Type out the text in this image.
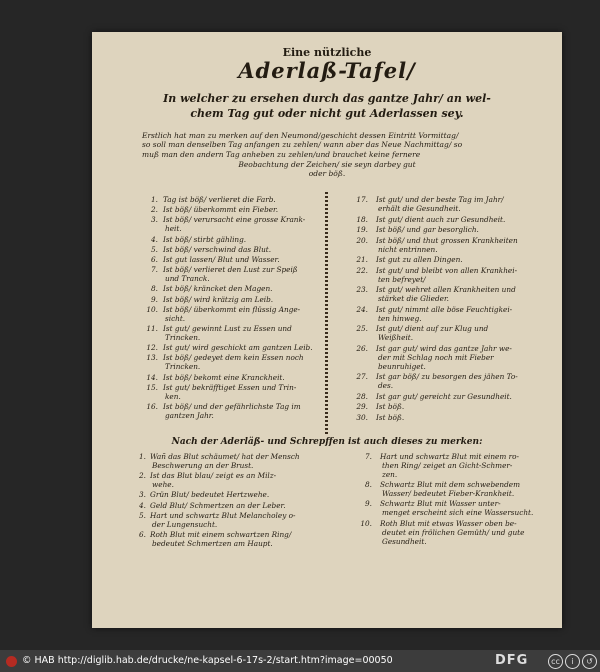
Eine nützliche
Aderlaß-Tafel/
In welcher zu ersehen durch das gantze Jahr/ an wel-
chem Tag gut oder nicht gut Aderlassen sey.
Erstlich hat man zu merken auf den Neumond/geschicht dessen Eintritt Vormittag/
so soll man denselben Tag anfangen zu zehlen/ wann aber das Neue Nachmittag/ so
muß man den andern Tag anheben zu zehlen/und brauchet keine fernere
Beobachtung der Zeichen/ sie seyn darbey gut
oder böß.
1. Tag ist böß/ verlieret die Farb.
2. Ist böß/ überkommt ein Fieber.
3. Ist böß/ verursacht eine grosse Krank-
heit.
4. Ist böß/ stirbt gähling.
5. Ist böß/ verschwind das Blut.
6. Ist gut lassen/ Blut und Wasser.
7. Ist böß/ verlieret den Lust zur Speiß
und Tranck.
8. Ist böß/ kräncket den Magen.
9. Ist böß/ wird krätzig am Leib.
10. Ist böß/ überkommt ein flüssig Ange-
sicht.
11. Ist gut/ gewinnt Lust zu Essen und
Trincken.
12. Ist gut/ wird geschickt am gantzen Leib.
13. Ist böß/ gedeyet dem kein Essen noch
Trincken.
14. Ist böß/ bekomt eine Kranckheit.
15. Ist gut/ bekräfftiget Essen und Trin-
ken.
16. Ist böß/ und der gefährlichste Tag im
gantzen Jahr.
17. Ist gut/ und der beste Tag im Jahr/
erhält die Gesundheit.
18. Ist gut/ dient auch zur Gesundheit.
19. Ist böß/ und gar besorglich.
20. Ist böß/ und thut grossen Krankheiten
nicht entrinnen.
21. Ist gut zu allen Dingen.
22. Ist gut/ und bleibt von allen Krankhei-
ten befreyet/
23. Ist gut/ wehret allen Krankheiten und
stärket die Glieder.
24. Ist gut/ nimmt alle böse Feuchtigkei-
ten hinweg.
25. Ist gut/ dient auf zur Klug und
Weißheit.
26. Ist gar gut/ wird das gantze Jahr we-
der mit Schlag noch mit Fieber
beunruhiget.
27. Ist gar böß/ zu besorgen des jähen To-
des.
28. Ist gar gut/ gereicht zur Gesundheit.
29. Ist böß.
30. Ist böß.
Nach der Aderläß- und Schrepffen ist auch dieses zu merken:
1. Wañ das Blut schäumet/ hat der Mensch
Beschwerung an der Brust.
2. Ist das Blut blau/ zeigt es an Milz-
wehe.
3. Grün Blut/ bedeutet Hertzwehe.
4. Geld Blut/ Schmertzen an der Leber.
5. Hart und schwartz Blut Melancholey o-
der Lungensucht.
6. Roth Blut mit einem schwartzen Ring/
bedeutet Schmertzen am Haupt.
7. Hart und schwartz Blut mit einem ro-
then Ring/ zeiget an Gicht-Schmer-
zen.
8. Schwartz Blut mit dem schwebendem
Wasser/ bedeutet Fieber-Krankheit.
9. Schwartz Blut mit Wasser unter-
menget erscheint sich eine Wassersucht.
10. Roth Blut mit etwas Wasser oben be-
deutet ein frölichen Gemüth/ und gute
Gesundheit.
© HAB http://diglib.hab.de/drucke/ne-kapsel-6-17s-2/start.htm?image=00050	DFG	cc	i	↺
